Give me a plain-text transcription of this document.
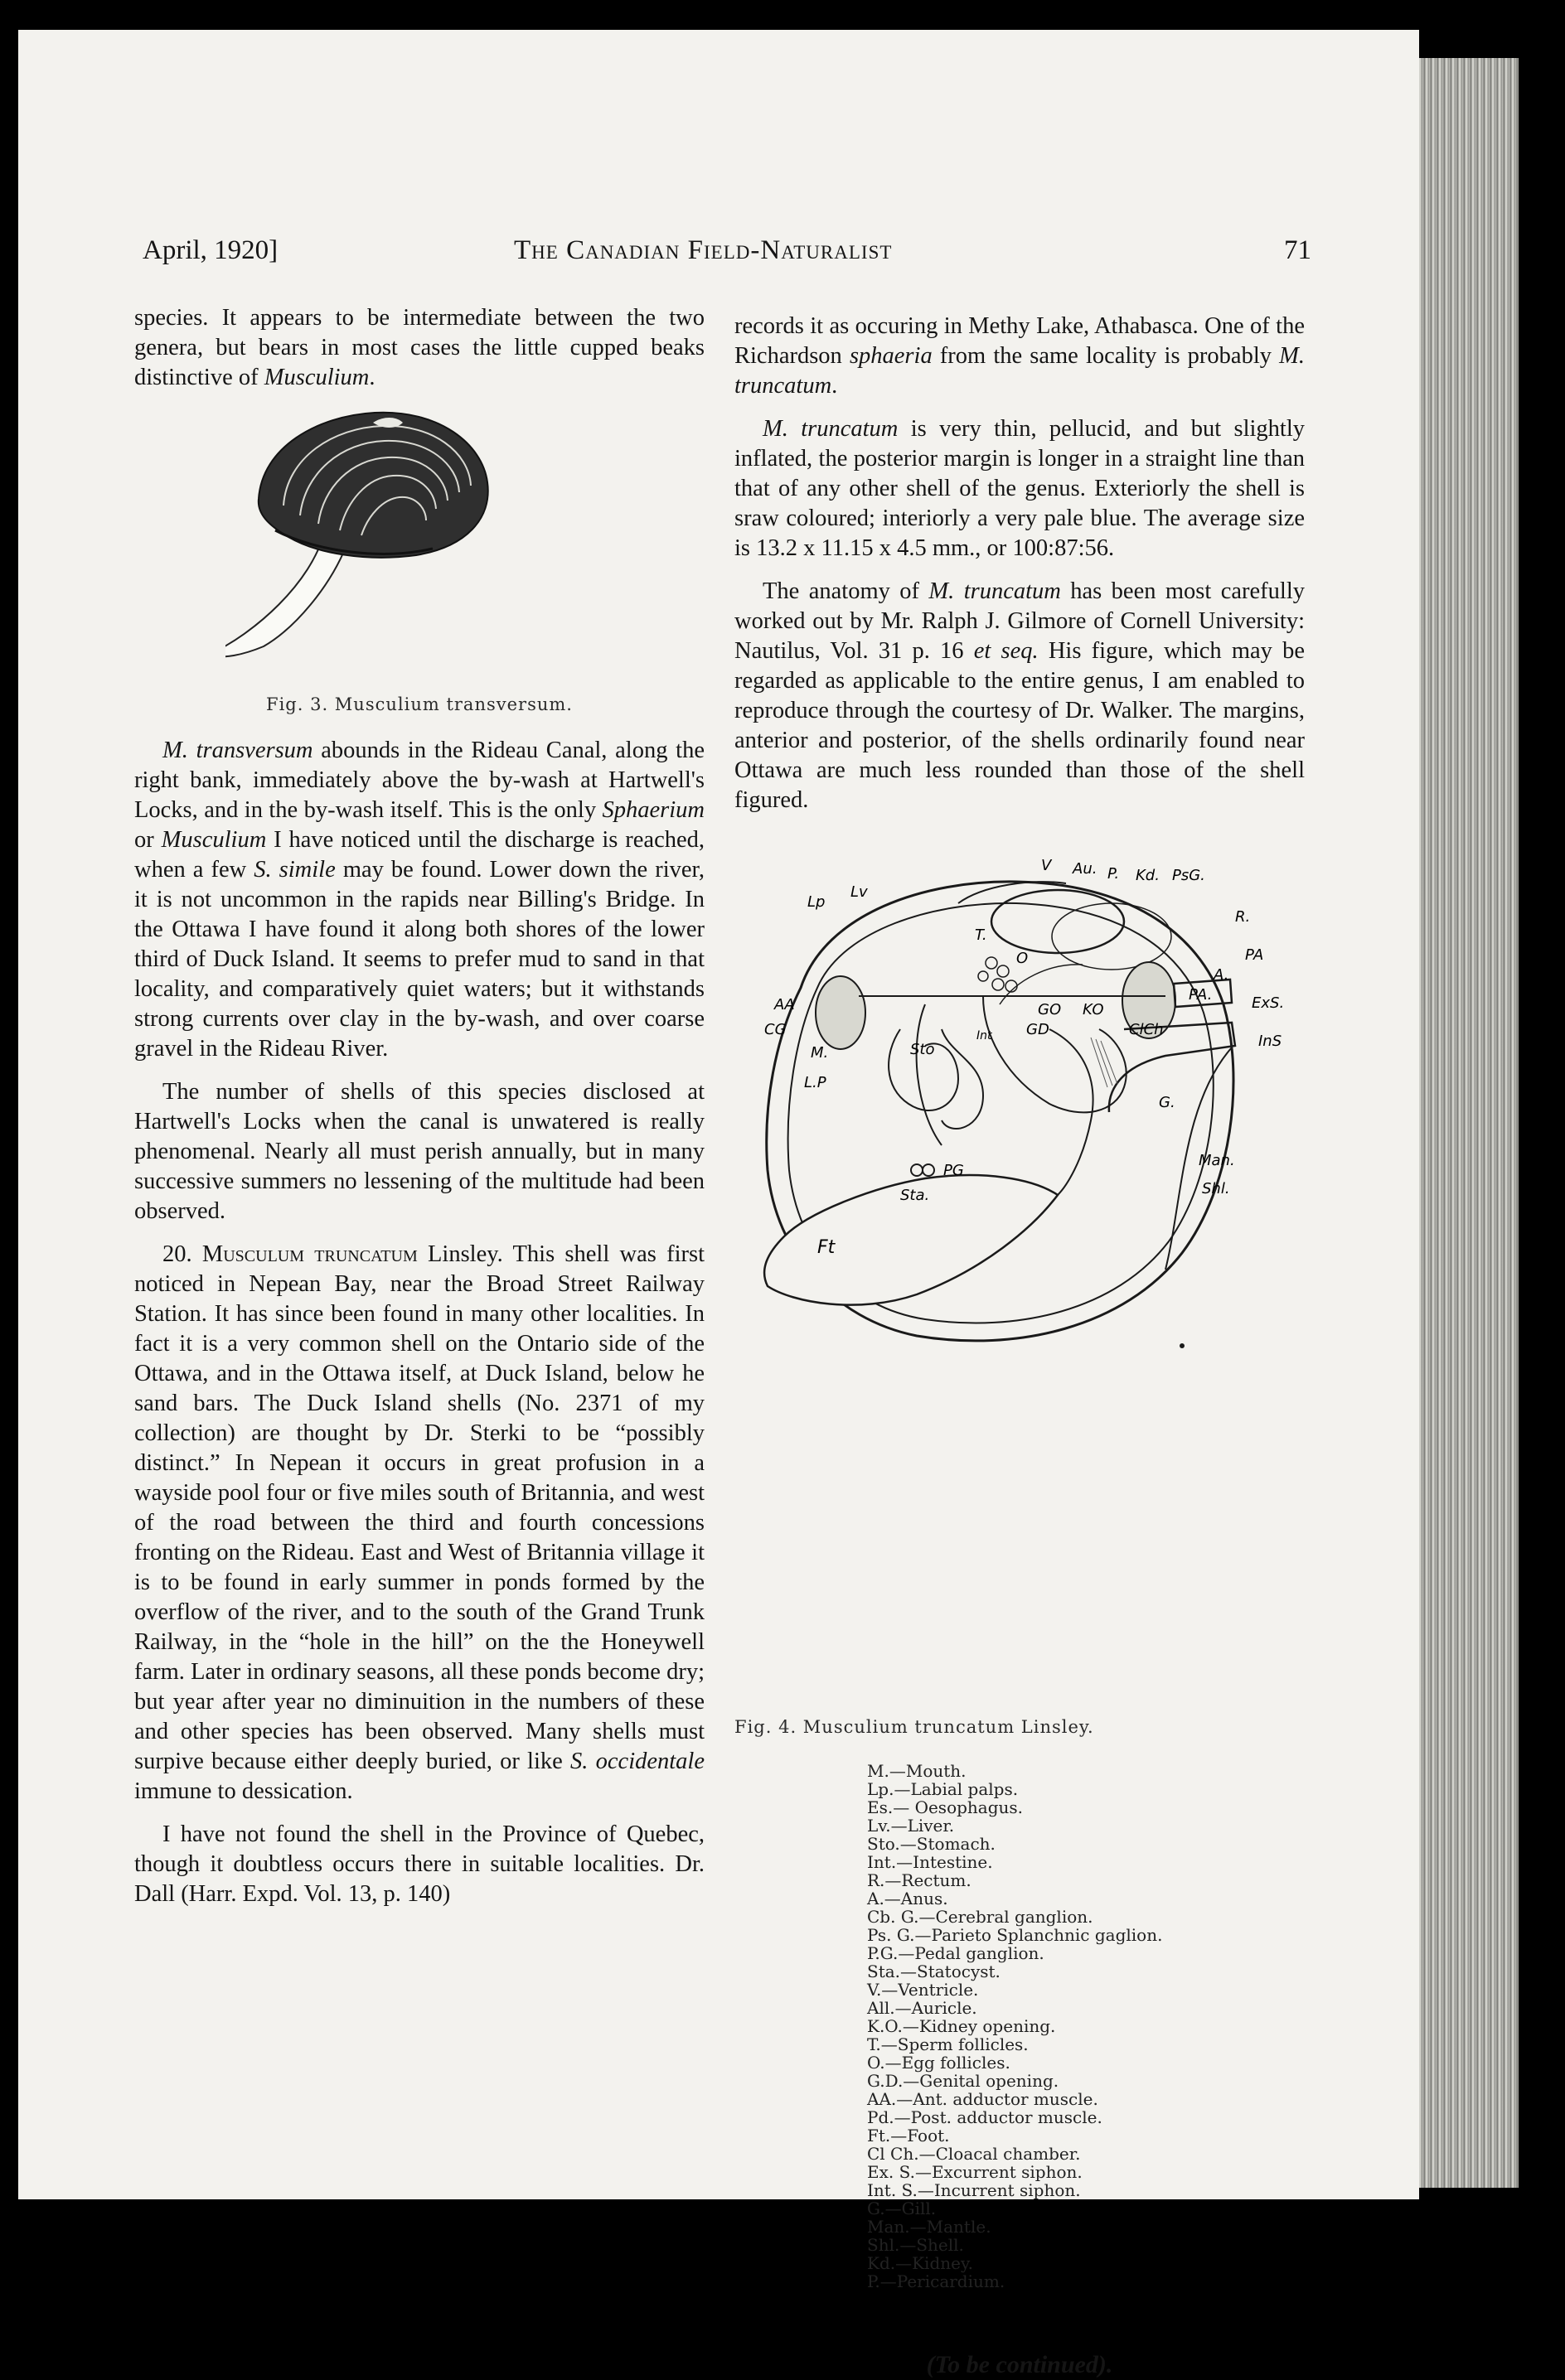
April, 1920]	The Canadian Field-Naturalist	71

species. It appears to be intermediate between the two genera, but bears in most cases the little cupped beaks distinctive of Musculium.

Fig. 3. Musculium transversum.

M. transversum abounds in the Rideau Canal, along the right bank, immediately above the by-wash at Hartwell's Locks, and in the by-wash itself. This is the only Sphaerium or Musculium I have noticed until the discharge is reached, when a few S. simile may be found. Lower down the river, it is not uncommon in the rapids near Billing's Bridge. In the Ottawa I have found it along both shores of the lower third of Duck Island. It seems to prefer mud to sand in that locality, and comparatively quiet waters; but it withstands strong currents over clay in the by-wash, and over coarse gravel in the Rideau River.

The number of shells of this species disclosed at Hartwell's Locks when the canal is unwatered is really phenomenal. Nearly all must perish annually, but in many successive summers no lessening of the multitude had been observed.

20. Musculum truncatum Linsley. This shell was first noticed in Nepean Bay, near the Broad Street Railway Station. It has since been found in many other localities. In fact it is a very common shell on the Ontario side of the Ottawa, and in the Ottawa itself, at Duck Island, below he sand bars. The Duck Island shells (No. 2371 of my collection) are thought by Dr. Sterki to be “possibly distinct.” In Nepean it occurs in great profusion in a wayside pool four or five miles south of Britannia, and west of the road between the third and fourth concessions fronting on the Rideau. East and West of Britannia village it is to be found in early summer in ponds formed by the overflow of the river, and to the south of the Grand Trunk Railway, in the “hole in the hill” on the the Honeywell farm. Later in ordinary seasons, all these ponds become dry; but year after year no diminuition in the numbers of these and other species has been observed. Many shells must surpive because either deeply buried, or like S. occidentale immune to dessication.

I have not found the shell in the Province of Quebec, though it doubtless occurs there in suitable localities. Dr. Dall (Harr. Expd. Vol. 13, p. 140)

records it as occuring in Methy Lake, Athabasca. One of the Richardson sphaeria from the same locality is probably M. truncatum.

M. truncatum is very thin, pellucid, and but slightly inflated, the posterior margin is longer in a straight line than that of any other shell of the genus. Exteriorly the shell is sraw coloured; interiorly a very pale blue. The average size is 13.2 x 11.15 x 4.5 mm., or 100:87:56.

The anatomy of M. truncatum has been most carefully worked out by Mr. Ralph J. Gilmore of Cornell University: Nautilus, Vol. 31 p. 16 et seq. His figure, which may be regarded as applicable to the entire genus, I am enabled to reproduce through the courtesy of Dr. Walker. The margins, anterior and posterior, of the shells ordinarily found near Ottawa are much less rounded than those of the shell figured.

Lp
Lv
V Au. P. Kd. PsG.
R.
PA
A.
PA.	ExS.
InS
AA
CG
M.
L.P
T.
O
GO
GD
KO
ClCh
Sto
Int
G.
PG
Sta.
Ft
Man.
Shl.
Fig. 4. Musculium truncatum Linsley.
M.—Mouth.
Lp.—Labial palps.
Es.— Oesophagus.
Lv.—Liver.
Sto.—Stomach.
Int.—Intestine.
R.—Rectum.
A.—Anus.
Cb. G.—Cerebral ganglion.
Ps. G.—Parieto Splanchnic gaglion.
P.G.—Pedal ganglion.
Sta.—Statocyst.
V.—Ventricle.
All.—Auricle.
K.O.—Kidney opening.
T.—Sperm follicles.
O.—Egg follicles.
G.D.—Genital opening.
AA.—Ant. adductor muscle.
Pd.—Post. adductor muscle.
Ft.—Foot.
Cl Ch.—Cloacal chamber.
Ex. S.—Excurrent siphon.
Int. S.—Incurrent siphon.
G.—Gill.
Man.—Mantle.
Shl.—Shell.
Kd.—Kidney.
P.—Pericardium.
(To be continued).
